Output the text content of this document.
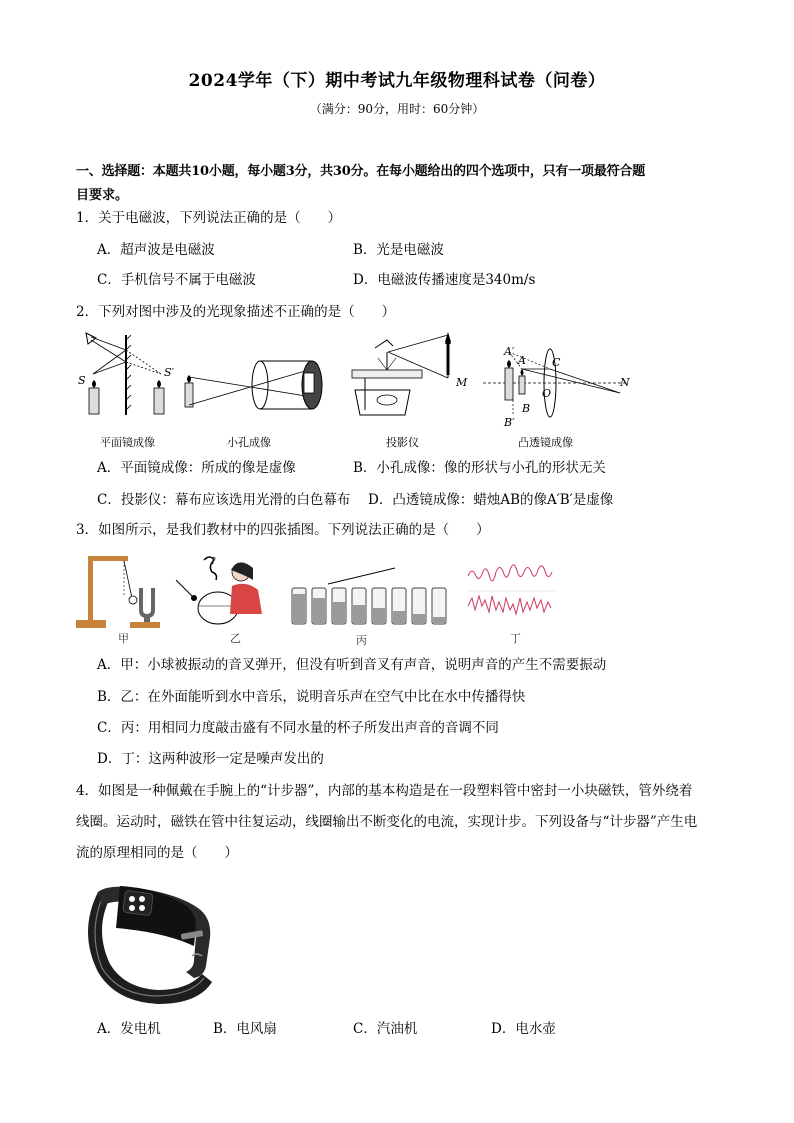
2024学年（下）期中考试九年级物理科试卷（问卷）
（满分：90分，用时：60分钟）
一、选择题：本题共10小题，每小题3分，共30分。在每小题给出的四个选项中，只有一项最符合题
目要求。
1．关于电磁波，下列说法正确的是（　　）
A．超声波是电磁波	B．光是电磁波
C．手机信号不属于电磁波	D．电磁波传播速度是340m/s
2．下列对图中涉及的光现象描述不正确的是（　　）
S
S′
平面镜成像	小孔成像	投影仪
M	N
A′
A
B
B′
C
O
凸透镜成像
A．平面镜成像：所成的像是虚像	B．小孔成像：像的形状与小孔的形状无关
C．投影仪：幕布应该选用光滑的白色幕布 D．凸透镜成像：蜡烛AB的像A′B′是虚像
3．如图所示，是我们教材中的四张插图。下列说法正确的是（　　）
甲
♪
乙	丙	丁
A．甲：小球被振动的音叉弹开，但没有听到音叉有声音，说明声音的产生不需要振动
B．乙：在外面能听到水中音乐，说明音乐声在空气中比在水中传播得快
C．丙：用相同力度敲击盛有不同水量的杯子所发出声音的音调不同
D．丁：这两种波形一定是噪声发出的
4．如图是一种佩戴在手腕上的“计步器”，内部的基本构造是在一段塑料管中密封一小块磁铁，管外绕着
线圈。运动时，磁铁在管中往复运动，线圈输出不断变化的电流，实现计步。下列设备与“计步器”产生电
流的原理相同的是（　　）
A．发电机	B．电风扇	C．汽油机	D．电水壶
